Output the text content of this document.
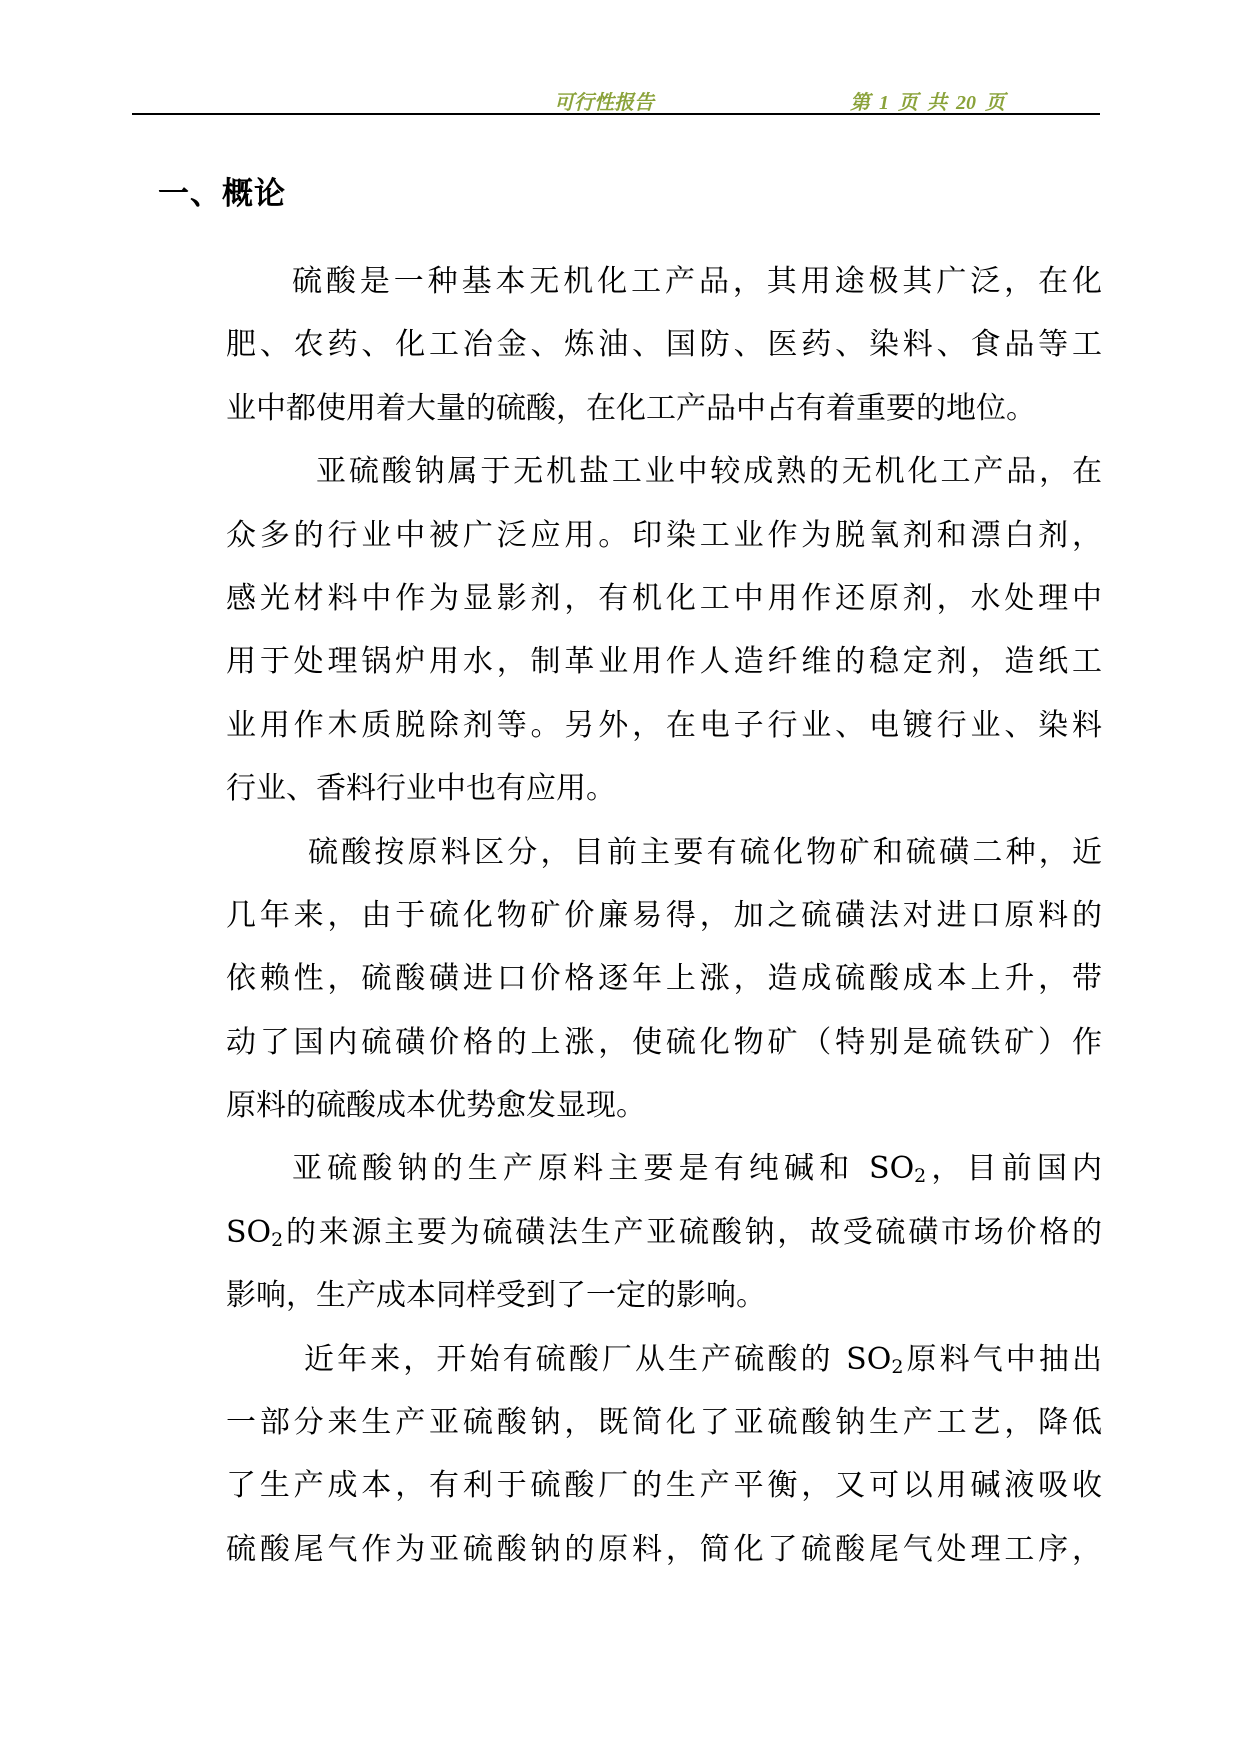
可行性报告	第 1 页 共 20 页
一、概论
硫酸是一种基本无机化工产品，其用途极其广泛，在化
肥、农药、化工冶金、炼油、国防、医药、染料、食品等工
业中都使用着大量的硫酸，在化工产品中占有着重要的地位。
亚硫酸钠属于无机盐工业中较成熟的无机化工产品，在
众多的行业中被广泛应用。印染工业作为脱氧剂和漂白剂，
感光材料中作为显影剂，有机化工中用作还原剂，水处理中
用于处理锅炉用水，制革业用作人造纤维的稳定剂，造纸工
业用作木质脱除剂等。另外，在电子行业、电镀行业、染料
行业、香料行业中也有应用。
硫酸按原料区分，目前主要有硫化物矿和硫磺二种，近
几年来，由于硫化物矿价廉易得，加之硫磺法对进口原料的
依赖性，硫酸磺进口价格逐年上涨，造成硫酸成本上升，带
动了国内硫磺价格的上涨，使硫化物矿（特别是硫铁矿）作
原料的硫酸成本优势愈发显现。
亚硫酸钠的生产原料主要是有纯碱和 $SO_2$，目前国内
$SO_2$的来源主要为硫磺法生产亚硫酸钠，故受硫磺市场价格的
影响，生产成本同样受到了一定的影响。
近年来，开始有硫酸厂从生产硫酸的 $SO_2$原料气中抽出
一部分来生产亚硫酸钠，既简化了亚硫酸钠生产工艺，降低
了生产成本，有利于硫酸厂的生产平衡，又可以用碱液吸收
硫酸尾气作为亚硫酸钠的原料，简化了硫酸尾气处理工序，
